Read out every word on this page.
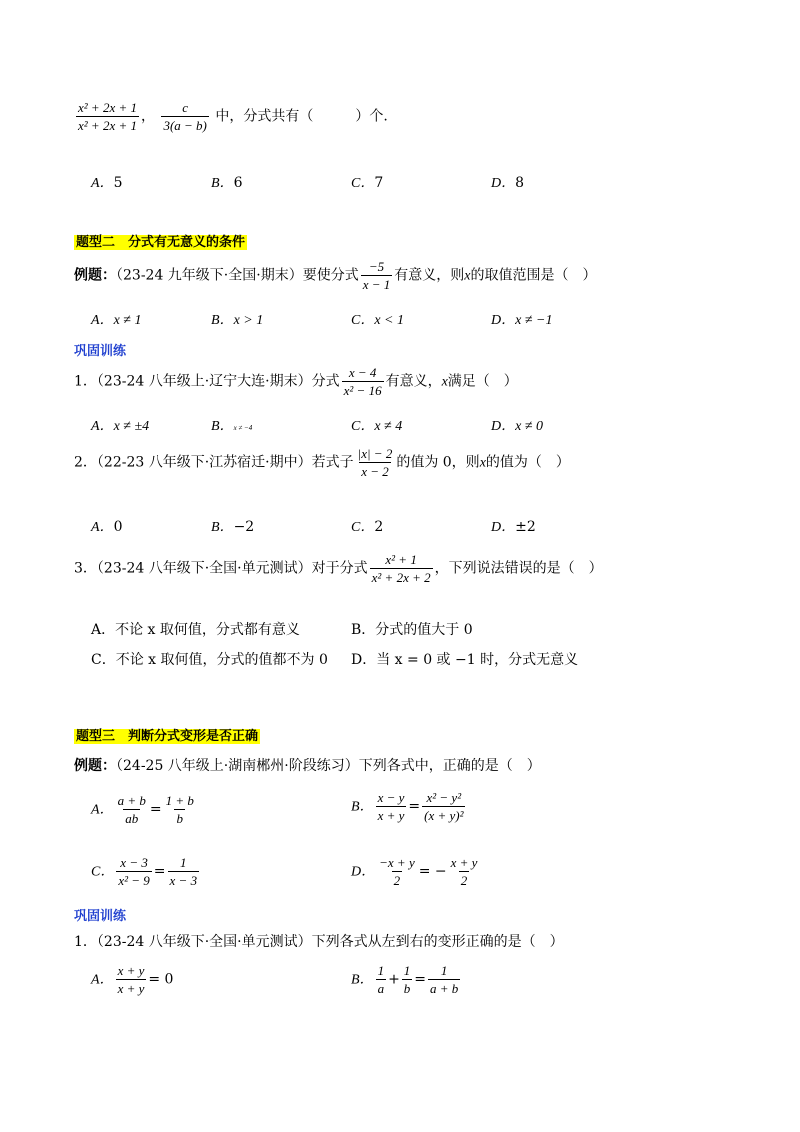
$\frac{\text{x² + 2x + 1}}{\text{x² + 2x + 1}}$ ， $\frac{c}{3(a - b)}$ 中，分式共有（　　　）个.
A．5	B．6	C．7	D．8
题型二　分式有无意义的条件
例题：（23-24 九年级下·全国·期末）要使分式 $\frac{-5}{x - 1}$ 有意义，则x的取值范围是（　）
A．x ≠ 1	B．x > 1	C．x < 1	D．x ≠ −1
巩固训练
1．（23-24 八年级上·辽宁大连·期末）分式 $\frac{x - 4}{\text{x² − 16}}$ 有意义，x满足（　）
A．x ≠ ±4	B．x ≠ −4	C．x ≠ 4	D．x ≠ 0
2．（22-23 八年级下·江苏宿迁·期中）若式子 $\frac{|x| - 2}{x - 2}$ 的值为 0，则x的值为（　）
A．0	B．−2	C．2	D．±2
3．（23-24 八年级下·全国·单元测试）对于分式 $\frac{\text{x² + 1}}{\text{x² + 2x + 2}}$ ，下列说法错误的是（　）
A．不论 x 取何值，分式都有意义	B．分式的值大于 0
C．不论 x 取何值，分式的值都不为 0 D．当 x = 0 或 −1 时，分式无意义
题型三　判断分式变形是否正确
例题：（24-25 八年级上·湖南郴州·阶段练习）下列各式中，正确的是（　）
A． $\frac{a + b}{ab} = \frac{1 + b}{b}$	B． $\frac{x - y}{x + y} = \frac{\text{x² − y²}}{\text{(x + y)²}}$
C． $\frac{x - 3}{\text{x² − 9}} = \frac{1}{x - 3}$	D． $\frac{-x + y}{2}$ = − $\frac{x + y}{2}$
巩固训练
1．（23-24 八年级下·全国·单元测试）下列各式从左到右的变形正确的是（　）
A． $\frac{x + y}{x + y} = 0$	B． $\frac{1}{a} + \frac{1}{b} = \frac{1}{a + b}$
